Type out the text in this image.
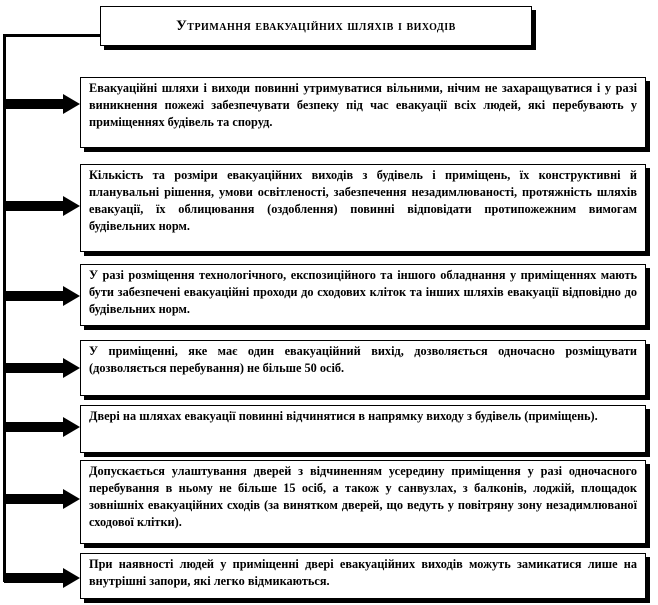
Утримання евакуаційних шляхів і виходів
Евакуаційні шляхи і виходи повинні утримуватися вільними, нічим не захаращуватися і у разі виникнення пожежі забезпечувати безпеку під час евакуації всіх людей, які перебувають у приміщеннях будівель та споруд.
Кількість та розміри евакуаційних виходів з будівель і приміщень, їх конструктивні й планувальні рішення, умови освітленості, забезпечення незадимлюваності, протяжність шляхів евакуації, їх облицювання (оздоблення) повинні відповідати протипожежним вимогам будівельних норм.
У разі розміщення технологічного, експозиційного та іншого обладнання у приміщеннях мають бути забезпечені евакуаційні проходи до сходових кліток та інших шляхів евакуації відповідно до будівельних норм.
У приміщенні, яке має один евакуаційний вихід, дозволяється одночасно розміщувати (дозволяється перебування) не більше 50 осіб.
Двері на шляхах евакуації повинні відчинятися в напрямку виходу з будівель (приміщень).
Допускається улаштування дверей з відчиненням усередину приміщення у разі одночасного перебування в ньому не більше 15 осіб, а також у санвузлах, з балконів, лоджій, площадок зовнішніх евакуаційних сходів (за винятком дверей, що ведуть у повітряну зону незадимлюваної сходової клітки).
При наявності людей у приміщенні двері евакуаційних виходів можуть замикатися лише на внутрішні запори, які легко відмикаються.
